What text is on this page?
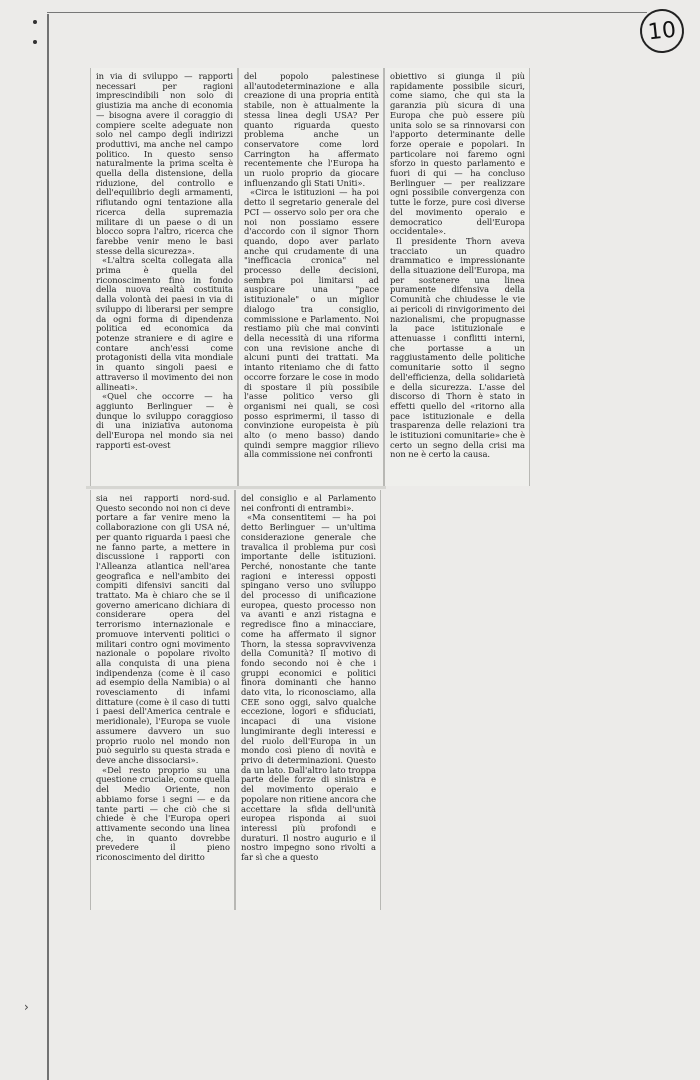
10

in via di sviluppo — rapporti necessari per ragioni imprescindibili non solo di giustizia ma anche di economia — bisogna avere il coraggio di compiere scelte adeguate non solo nel campo degli indirizzi produttivi, ma anche nel campo politico. In questo senso naturalmente la prima scelta è quella della distensione, della riduzione, del controllo e dell'equilibrio degli armamenti, rifiutando ogni tentazione alla ricerca della supremazia militare di un paese o di un blocco sopra l'altro, ricerca che farebbe venir meno le basi stesse della sicurezza».

«L'altra scelta collegata alla prima è quella del riconoscimento fino in fondo della nuova realtà costituita dalla volontà dei paesi in via di sviluppo di liberarsi per sempre da ogni forma di dipendenza politica ed economica da potenze straniere e di agire e contare anch'essi come protagonisti della vita mondiale in quanto singoli paesi e attraverso il movimento dei non allineati».

«Quel che occorre — ha aggiunto Berlinguer — è dunque lo sviluppo coraggioso di una iniziativa autonoma dell'Europa nel mondo sia nei rapporti est-ovest

del popolo palestinese all'autodeterminazione e alla creazione di una propria entità stabile, non è attualmente la stessa linea degli USA? Per quanto riguarda questo problema anche un conservatore come lord Carrington ha affermato recentemente che l'Europa ha un ruolo proprio da giocare influenzando gli Stati Uniti».

«Circa le istituzioni — ha poi detto il segretario generale del PCI — osservo solo per ora che noi non possiamo essere d'accordo con il signor Thorn quando, dopo aver parlato anche qui crudamente di una "inefficacia cronica" nel processo delle decisioni, sembra poi limitarsi ad auspicare una "pace istituzionale" o un miglior dialogo tra consiglio, commissione e Parlamento. Noi restiamo più che mai convinti della necessità di una riforma con una revisione anche di alcuni punti dei trattati. Ma intanto riteniamo che di fatto occorre forzare le cose in modo di spostare il più possibile l'asse politico verso gli organismi nei quali, se così posso esprimermi, il tasso di convinzione europeista è più alto (o meno basso) dando quindi sempre maggior rilievo alla commissione nei confronti

obiettivo si giunga il più rapidamente possibile sicuri, come siamo, che qui sta la garanzia più sicura di una Europa che può essere più unita solo se sa rinnovarsi con l'apporto determinante delle forze operaie e popolari. In particolare noi faremo ogni sforzo in questo parlamento e fuori di qui — ha concluso Berlinguer — per realizzare ogni possibile convergenza con tutte le forze, pure così diverse del movimento operaio e democratico dell'Europa occidentale».

Il presidente Thorn aveva tracciato un quadro drammatico e impressionante della situazione dell'Europa, ma per sostenere una linea puramente difensiva della Comunità che chiudesse le vie ai pericoli di rinvigorimento dei nazionalismi, che propugnasse la pace istituzionale e attenuasse i conflitti interni, che portasse a un raggiustamento delle politiche comunitarie sotto il segno dell'efficienza, della solidarietà e della sicurezza. L'asse del discorso di Thorn è stato in effetti quello del «ritorno alla pace istituzionale e della trasparenza delle relazioni tra le istituzioni comunitarie» che è certo un segno della crisi ma non ne è certo la causa.

sia nei rapporti nord-sud. Questo secondo noi non ci deve portare a far venire meno la collaborazione con gli USA né, per quanto riguarda i paesi che ne fanno parte, a mettere in discussione i rapporti con l'Alleanza atlantica nell'area geografica e nell'ambito dei compiti difensivi sanciti dal trattato. Ma è chiaro che se il governo americano dichiara di considerare opera del terrorismo internazionale e promuove interventi politici o militari contro ogni movimento nazionale o popolare rivolto alla conquista di una piena indipendenza (come è il caso ad esempio della Namibia) o al rovesciamento di infami dittature (come è il caso di tutti i paesi dell'America centrale e meridionale), l'Europa se vuole assumere davvero un suo proprio ruolo nel mondo non può seguirlo su questa strada e deve anche dissociarsi».

«Del resto proprio su una questione cruciale, come quella del Medio Oriente, non abbiamo forse i segni — e da tante parti — che ciò che si chiede è che l'Europa operi attivamente secondo una linea che, in quanto dovrebbe prevedere il pieno riconoscimento del diritto

del consiglio e al Parlamento nei confronti di entrambi».

«Ma consentitemi — ha poi detto Berlinguer — un'ultima considerazione generale che travalica il problema pur così importante delle istituzioni. Perché, nonostante che tante ragioni e interessi opposti spingano verso uno sviluppo del processo di unificazione europea, questo processo non va avanti e anzi ristagna e regredisce fino a minacciare, come ha affermato il signor Thorn, la stessa sopravvivenza della Comunità? Il motivo di fondo secondo noi è che i gruppi economici e politici finora dominanti che hanno dato vita, lo riconosciamo, alla CEE sono oggi, salvo qualche eccezione, logori e sfiduciati, incapaci di una visione lungimirante degli interessi e del ruolo dell'Europa in un mondo così pieno di novità e privo di determinazioni. Questo da un lato. Dall'altro lato troppa parte delle forze di sinistra e del movimento operaio e popolare non ritiene ancora che accettare la sfida dell'unità europea risponda ai suoi interessi più profondi e duraturi. Il nostro augurio e il nostro impegno sono rivolti a far sì che a questo

›
